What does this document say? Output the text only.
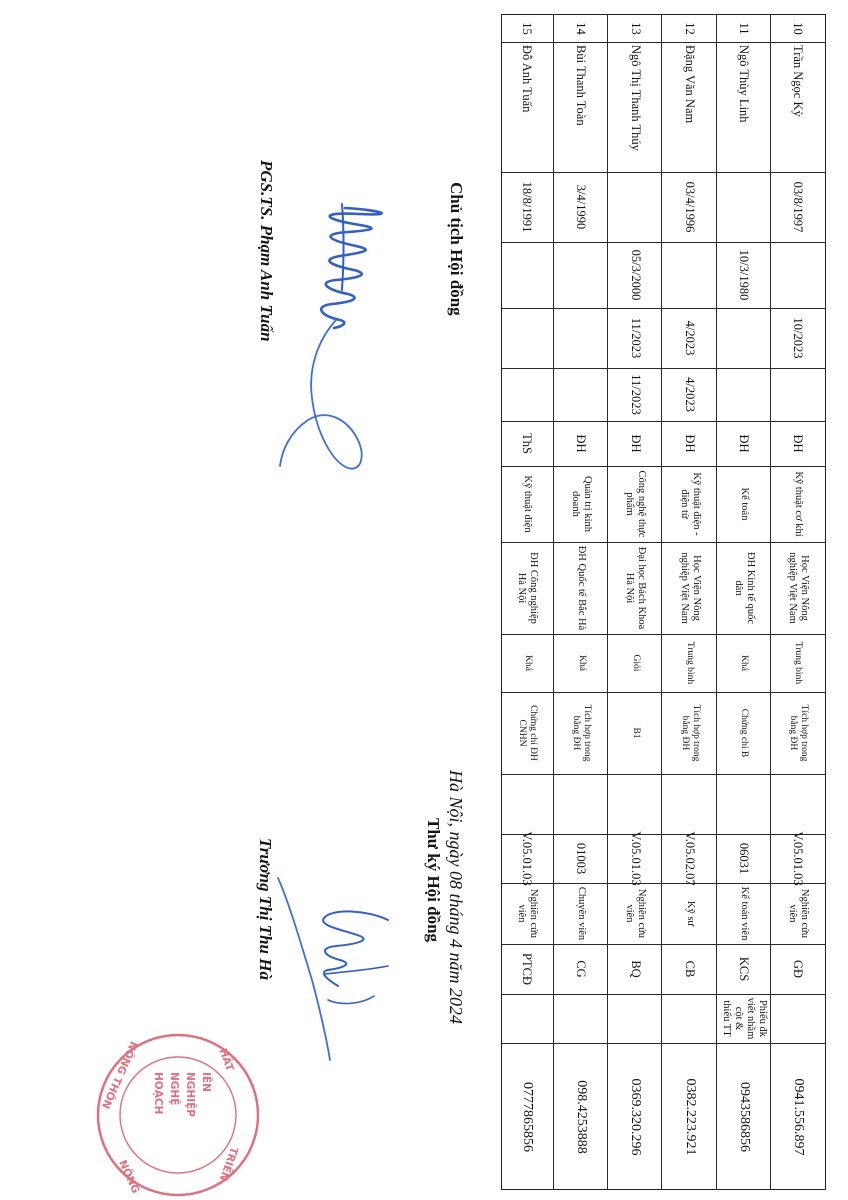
10
Trần Ngọc Kỳ
03/8/1997
10/2023
ĐH
Kỹ thuật cơ khí
Học Viện Nông nghiệp Việt Nam
Trung bình
Tích hợp trong bằng ĐH
V.05.01.03
Nghiên cứu viên
GĐ
0941.556.897
11
Ngô Thùy Linh
10/3/1980
ĐH
Kế toán
ĐH Kinh tế quốc dân
Khá
Chứng chỉ B
06031
Kế toán viên
KCS
Phiếu đk viết nhầm cột & thiếu TT
0943586856
12
Đặng Văn Nam
03/4/1996
4/2023
4/2023
ĐH
Kỹ thuật điện - điện tử
Học Viện Nông nghiệp Việt Nam
Trung bình
Tích hợp trong bằng ĐH
V.05.02.07
Kỹ sư
CB
0382.223.921
13
Ngô Thị Thanh Thúy
05/3/2000
11/2023
11/2023
ĐH
Công nghệ thực phẩm
Đại học Bách Khoa Hà Nội
Giỏi
B1
V.05.01.03
Nghiên cứu viên
BQ
0369.320.296
14
Bùi Thanh Toàn
3/4/1990
ĐH
Quản trị kinh doanh
ĐH Quốc tế Bắc Hà
Khá
Tích hợp trong bằng ĐH
01003
Chuyên viên
CG
098.4253888
15
Đỗ Anh Tuấn
18/8/1991
ThS
Kỹ thuật điện
ĐH Công nghiệp Hà Nội
Khá
Chứng chỉ ĐH CNHN
V.05.01.03
Nghiên cứu viên
PTCĐ
0777865856
Chủ tịch Hội đồng
PGS.TS. Phạm Anh Tuấn
Hà Nội, ngày 08 tháng 4 năm 2024
Thư ký Hội đồng
Trương Thị Thu Hà
HÁT
TRIỂN
IÊN
NGHIỆP
NGHỆ
HOẠCH
NÔNG
NÔNG THÔN
